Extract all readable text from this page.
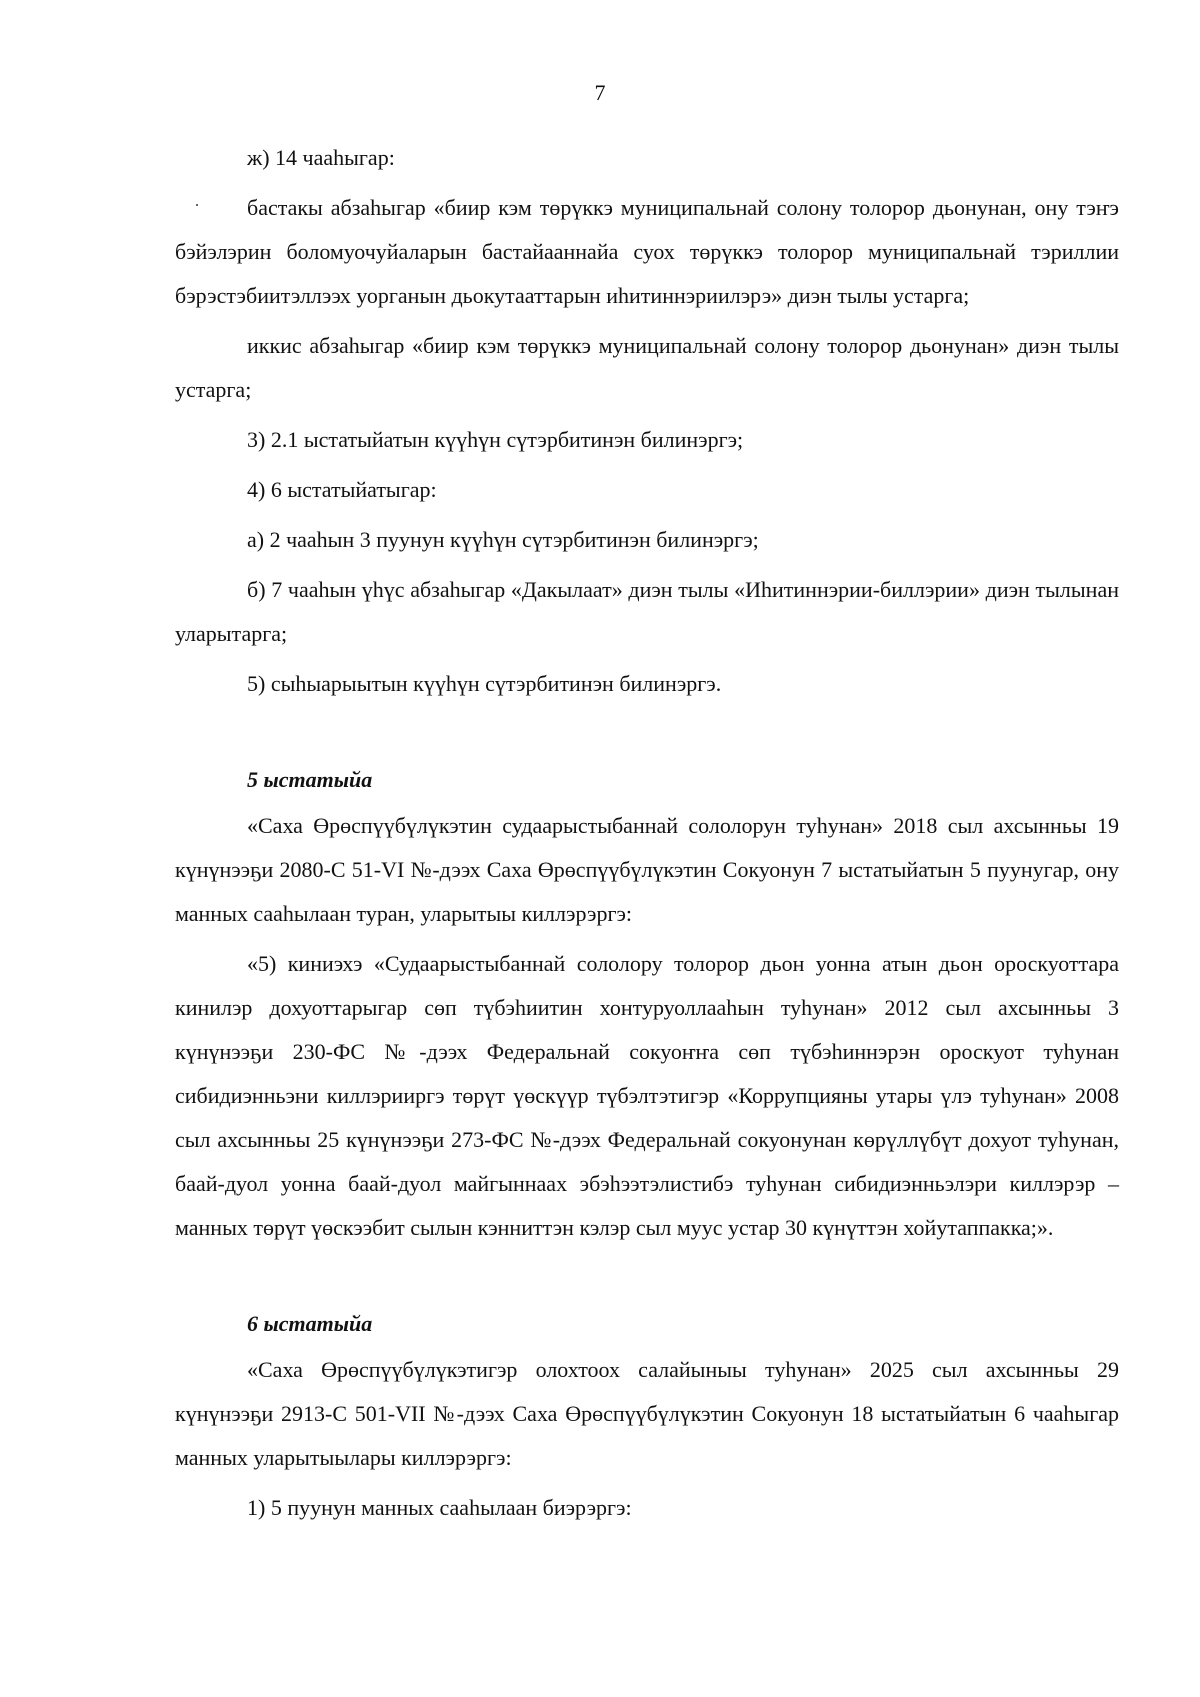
7

ж) 14 чааһыгар:

бастакы абзаһыгар «биир кэм төрүккэ муниципальнай солону толорор дьонунан, ону тэҥэ бэйэлэрин боломуочуйаларын бастайааннайа суох төрүккэ толорор муниципальнай тэриллии бэрэстэбиитэллээх уорганын дьокутааттарын иһитиннэриилэрэ» диэн тылы устарга;

иккис абзаһыгар «биир кэм төрүккэ муниципальнай солону толорор дьонунан» диэн тылы устарга;

3) 2.1 ыстатыйатын күүһүн сүтэрбитинэн билинэргэ;

4) 6 ыстатыйатыгар:

а) 2 чааһын 3 пуунун күүһүн сүтэрбитинэн билинэргэ;

б) 7 чааһын үһүс абзаһыгар «Дакылаат» диэн тылы «Иһитиннэрии-биллэрии» диэн тылынан уларытарга;

5) сыһыарыытын күүһүн сүтэрбитинэн билинэргэ.

5 ыстатыйа

«Саха Өрөспүүбүлүкэтин судаарыстыбаннай сололорун туһунан» 2018 сыл ахсынньы 19 күнүнээҕи 2080-С 51-VI №-дээх Саха Өрөспүүбүлүкэтин Сокуонун 7 ыстатыйатын 5 пуунугар, ону манных сааһылаан туран, уларытыы киллэрэргэ:

«5) киниэхэ «Судаарыстыбаннай сололору толорор дьон уонна атын дьон ороскуоттара кинилэр дохуоттарыгар сөп түбэһиитин хонтуруоллааһын туһунан» 2012 сыл ахсынньы 3 күнүнээҕи 230-ФС №-дээх Федеральнай сокуоҥҥа сөп түбэһиннэрэн ороскуот туһунан сибидиэнньэни киллэрииргэ төрүт үөскүүр түбэлтэтигэр «Коррупцияны утары үлэ туһунан» 2008 сыл ахсынньы 25 күнүнээҕи 273-ФС №-дээх Федеральнай сокуонунан көрүллүбүт дохуот туһунан, баай-дуол уонна баай-дуол майгыннаах эбэһээтэлистибэ туһунан сибидиэнньэлэри киллэрэр – манных төрүт үөскээбит сылын кэнниттэн кэлэр сыл муус устар 30 күнүттэн хойутаппакка;».

6 ыстатыйа

«Саха Өрөспүүбүлүкэтигэр олохтоох салайыныы туһунан» 2025 сыл ахсынньы 29 күнүнээҕи 2913-С 501-VII №-дээх Саха Өрөспүүбүлүкэтин Сокуонун 18 ыстатыйатын 6 чааһыгар манных уларытыылары киллэрэргэ:

1) 5 пуунун манных сааһылаан биэрэргэ:
